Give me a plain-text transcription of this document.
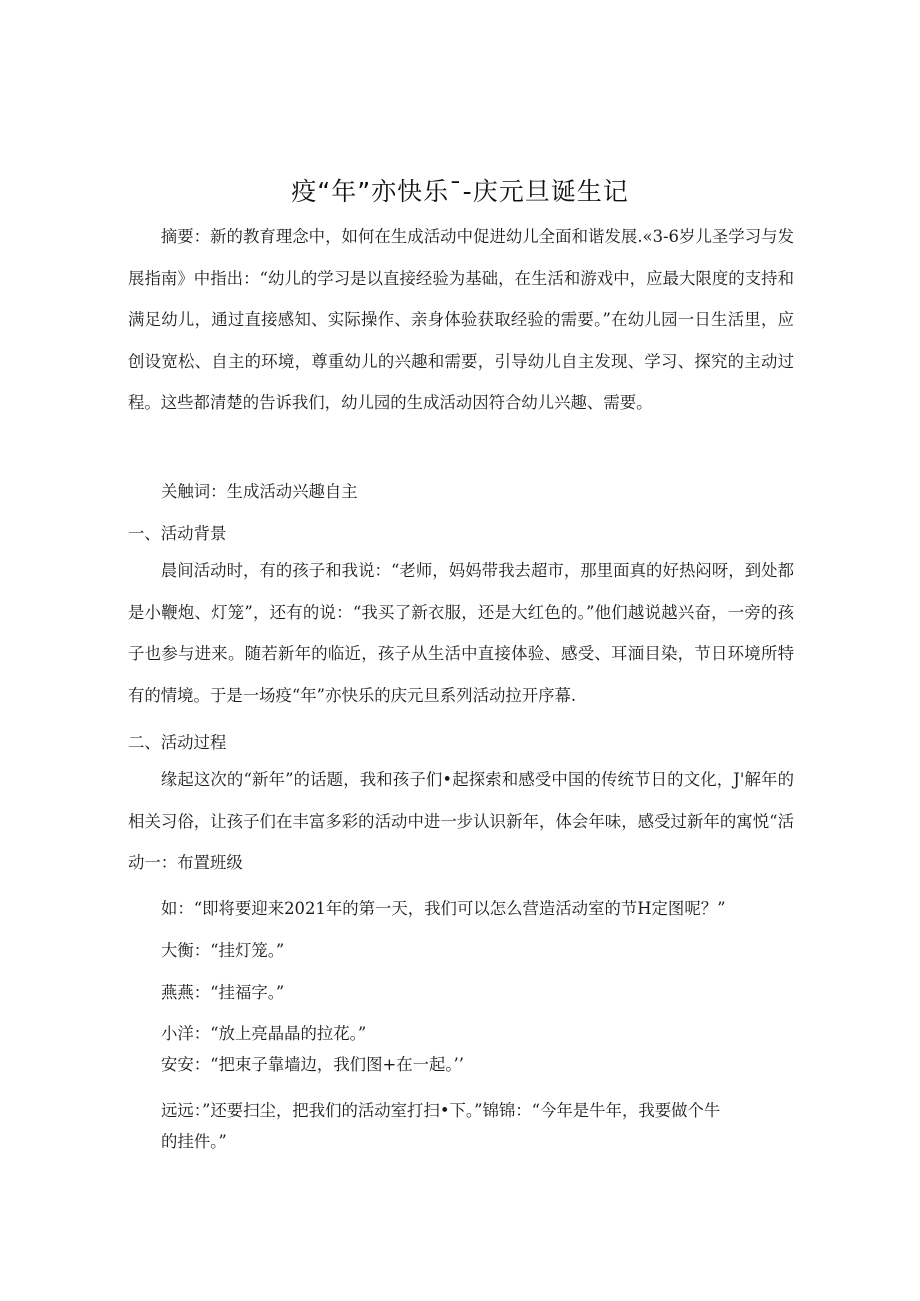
疫“年”亦快乐ˉ-庆元旦诞生记

摘要：新的教育理念中，如何在生成活动中促进幼儿全面和谐发展.«3-6岁儿圣学习与发展指南》中指出：“幼儿的学习是以直接经验为基础，在生活和游戏中，应最大限度的支持和满足幼儿，通过直接感知、实际操作、亲身体验获取经验的需要。”在幼儿园一日生活里，应创设宽松、自主的环境，尊重幼儿的兴趣和需要，引导幼儿自主发现、学习、探究的主动过程。这些都清楚的告诉我们，幼儿园的生成活动因符合幼儿兴趣、需要。

关触词：生成活动兴趣自主
一、活动背景

晨间活动时，有的孩子和我说：“老师，妈妈带我去超市，那里面真的好热闷呀，到处都是小鞭炮、灯笼”，还有的说：“我买了新衣服，还是大红色的。”他们越说越兴奋，一旁的孩子也参与进来。随若新年的临近，孩子从生活中直接体验、感受、耳湎目染，节日环境所特有的情境。于是一场疫“年”亦快乐的庆元旦系列活动拉开序幕.

二、活动过程

缘起这次的“新年”的话题，我和孩子们•起探索和感受中国的传统节日的文化，J'解年的相关习俗，让孩子们在丰富多彩的活动中进一步认识新年，体会年味，感受过新年的寓悦“活动一：布置班级

如：“即将要迎来2021年的第一天，我们可以怎么营造活动室的节H定图呢？”
大衡：“挂灯笼。”
燕燕：“挂福字。”
小洋：“放上亮晶晶的拉花。”
安安：“把束子靠墙边，我们图+在一起。’’
远远：”还要扫尘，把我们的活动室打扫•下。”锦锦：“今年是牛年，我要做个牛
的挂件。”
